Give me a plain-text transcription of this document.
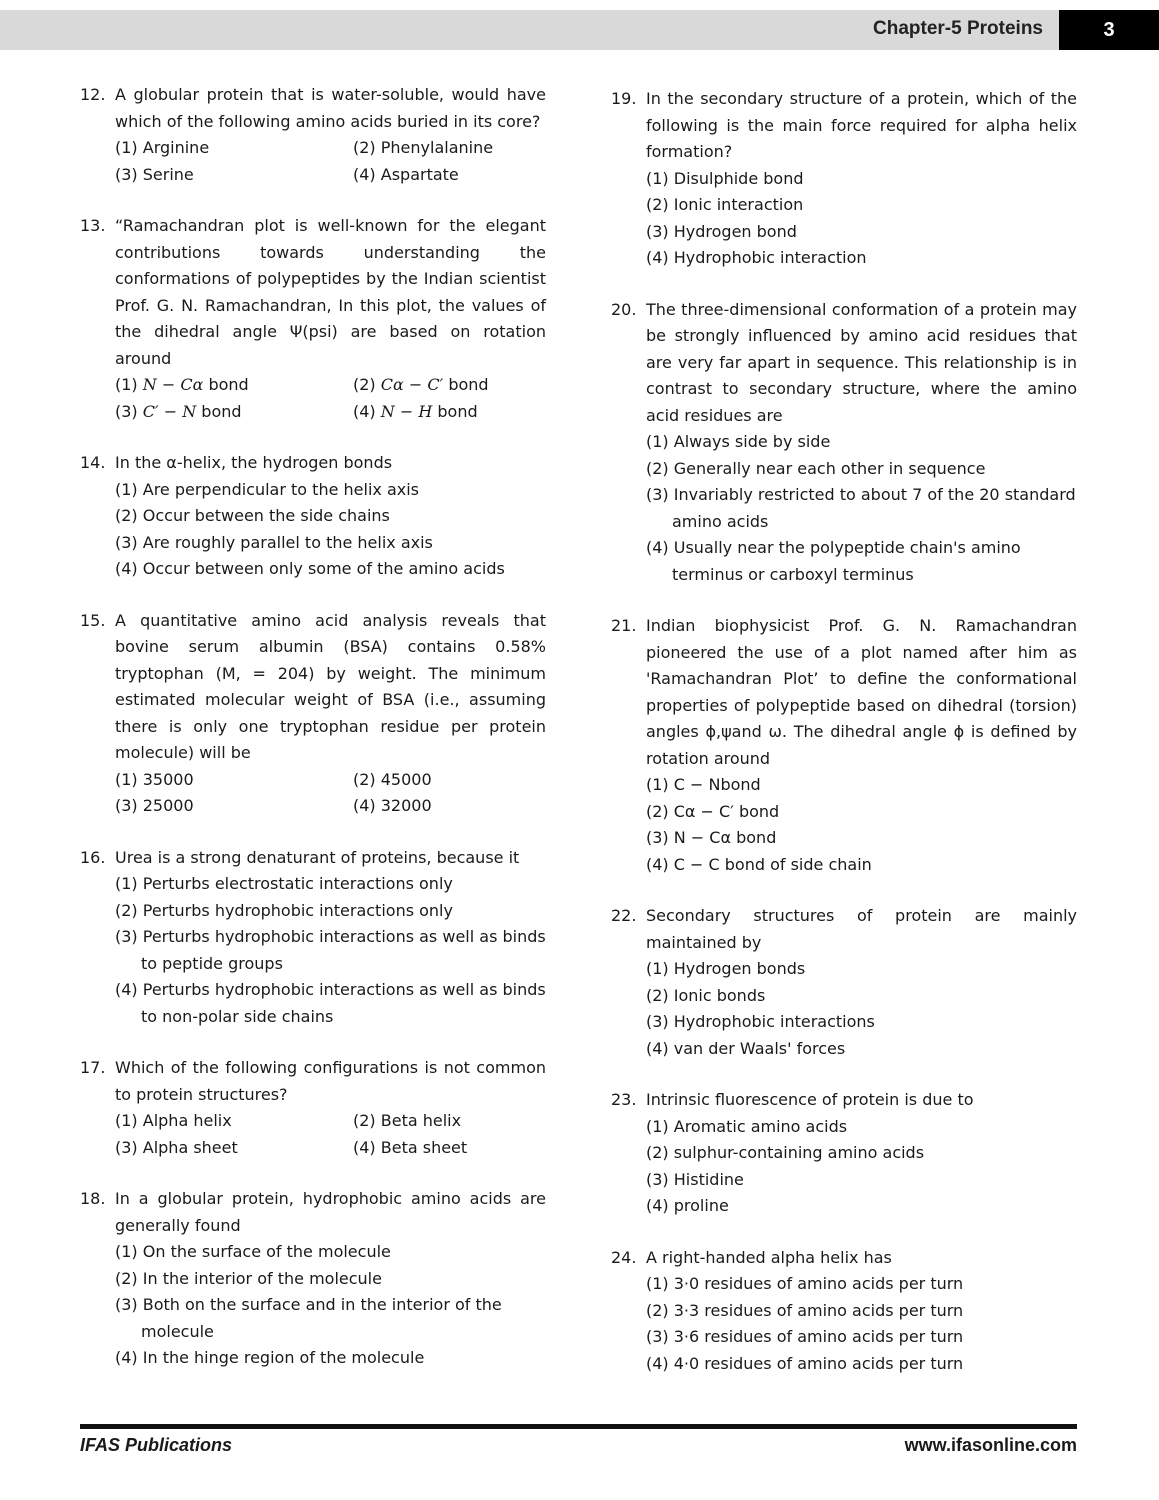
Chapter-5 Proteins	3
12. A globular protein that is water-soluble, would have which of the following amino acids buried in its core?
(1) Arginine	(2) Phenylalanine
(3) Serine	(4) Aspartate
13. “Ramachandran plot is well-known for the elegant contributions towards understanding the conformations of polypeptides by the Indian scientist Prof. G. N. Ramachandran, In this plot, the values of the dihedral angle Ψ(psi) are based on rotation around
(1) N − Cα bond	(2) Cα − C′ bond
(3) C′ − N bond	(4) N − H bond
14. In the α-helix, the hydrogen bonds
(1) Are perpendicular to the helix axis
(2) Occur between the side chains
(3) Are roughly parallel to the helix axis
(4) Occur between only some of the amino acids
15. A quantitative amino acid analysis reveals that bovine serum albumin (BSA) contains 0.58% tryptophan (M, = 204) by weight. The minimum estimated molecular weight of BSA (i.e., assuming there is only one tryptophan residue per protein molecule) will be
(1) 35000	(2) 45000
(3) 25000	(4) 32000
16. Urea is a strong denaturant of proteins, because it
(1) Perturbs electrostatic interactions only
(2) Perturbs hydrophobic interactions only
(3) Perturbs hydrophobic interactions as well as binds to peptide groups
(4) Perturbs hydrophobic interactions as well as binds to non-polar side chains
17. Which of the following configurations is not common to protein structures?
(1) Alpha helix	(2) Beta helix
(3) Alpha sheet	(4) Beta sheet
18. In a globular protein, hydrophobic amino acids are generally found
(1) On the surface of the molecule
(2) In the interior of the molecule
(3) Both on the surface and in the interior of the molecule
(4) In the hinge region of the molecule
19. In the secondary structure of a protein, which of the following is the main force required for alpha helix formation?
(1) Disulphide bond
(2) Ionic interaction
(3) Hydrogen bond
(4) Hydrophobic interaction
20. The three-dimensional conformation of a protein may be strongly influenced by amino acid residues that are very far apart in sequence. This relationship is in contrast to secondary structure, where the amino acid residues are
(1) Always side by side
(2) Generally near each other in sequence
(3) Invariably restricted to about 7 of the 20 standard amino acids
(4) Usually near the polypeptide chain's amino terminus or carboxyl terminus
21. Indian biophysicist Prof. G. N. Ramachandran pioneered the use of a plot named after him as 'Ramachandran Plot’ to define the conformational properties of polypeptide based on dihedral (torsion) angles ϕ,ψand ω. The dihedral angle ϕ is defined by rotation around
(1) C − Nbond
(2) Cα − C′ bond
(3) N − Cα bond
(4) C − C bond of side chain
22. Secondary structures of protein are mainly maintained by
(1) Hydrogen bonds
(2) Ionic bonds
(3) Hydrophobic interactions
(4) van der Waals' forces
23. Intrinsic fluorescence of protein is due to
(1) Aromatic amino acids
(2) sulphur-containing amino acids
(3) Histidine
(4) proline
24. A right-handed alpha helix has
(1) 3·0 residues of amino acids per turn
(2) 3·3 residues of amino acids per turn
(3) 3·6 residues of amino acids per turn
(4) 4·0 residues of amino acids per turn
IFAS Publications	www.ifasonline.com
